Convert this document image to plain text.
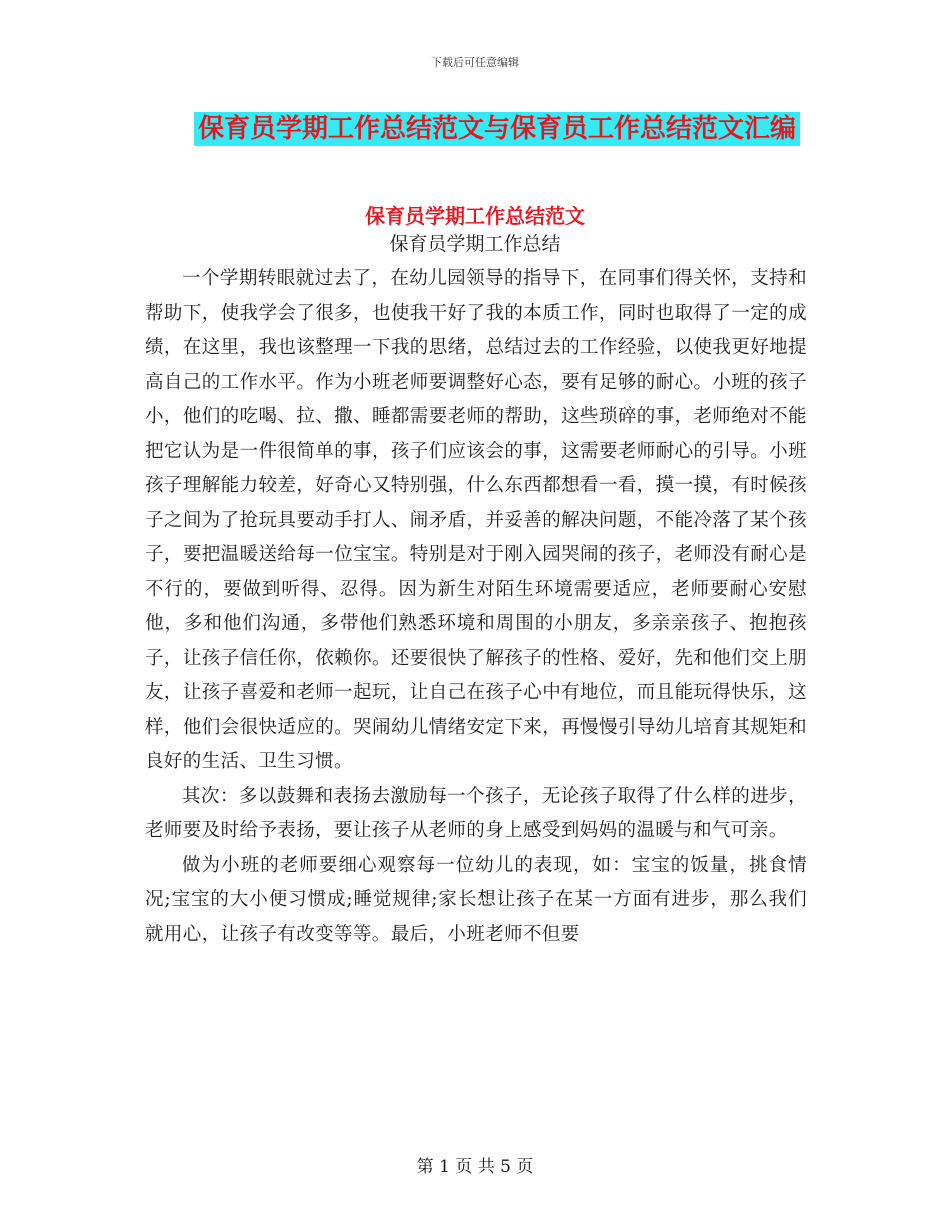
下载后可任意编辑
保育员学期工作总结范文与保育员工作总结范文汇编
保育员学期工作总结范文
保育员学期工作总结

一个学期转眼就过去了，在幼儿园领导的指导下，在同事们得关怀，支持和帮助下，使我学会了很多，也使我干好了我的本质工作，同时也取得了一定的成绩，在这里，我也该整理一下我的思绪，总结过去的工作经验，以使我更好地提高自己的工作水平。作为小班老师要调整好心态，要有足够的耐心。小班的孩子小，他们的吃喝、拉、撒、睡都需要老师的帮助，这些琐碎的事，老师绝对不能把它认为是一件很简单的事，孩子们应该会的事，这需要老师耐心的引导。小班孩子理解能力较差，好奇心又特别强，什么东西都想看一看，摸一摸，有时候孩子之间为了抢玩具要动手打人、闹矛盾，并妥善的解决问题，不能冷落了某个孩子，要把温暖送给每一位宝宝。特别是对于刚入园哭闹的孩子，老师没有耐心是不行的，要做到听得、忍得。因为新生对陌生环境需要适应，老师要耐心安慰他，多和他们沟通，多带他们熟悉环境和周围的小朋友，多亲亲孩子、抱抱孩子，让孩子信任你，依赖你。还要很快了解孩子的性格、爱好，先和他们交上朋友，让孩子喜爱和老师一起玩，让自己在孩子心中有地位，而且能玩得快乐，这样，他们会很快适应的。哭闹幼儿情绪安定下来，再慢慢引导幼儿培育其规矩和良好的生活、卫生习惯。

其次：多以鼓舞和表扬去激励每一个孩子，无论孩子取得了什么样的进步，老师要及时给予表扬，要让孩子从老师的身上感受到妈妈的温暖与和气可亲。

做为小班的老师要细心观察每一位幼儿的表现，如：宝宝的饭量，挑食情况;宝宝的大小便习惯成;睡觉规律;家长想让孩子在某一方面有进步，那么我们就用心，让孩子有改变等等。最后，小班老师不但要

第 1 页 共 5 页
